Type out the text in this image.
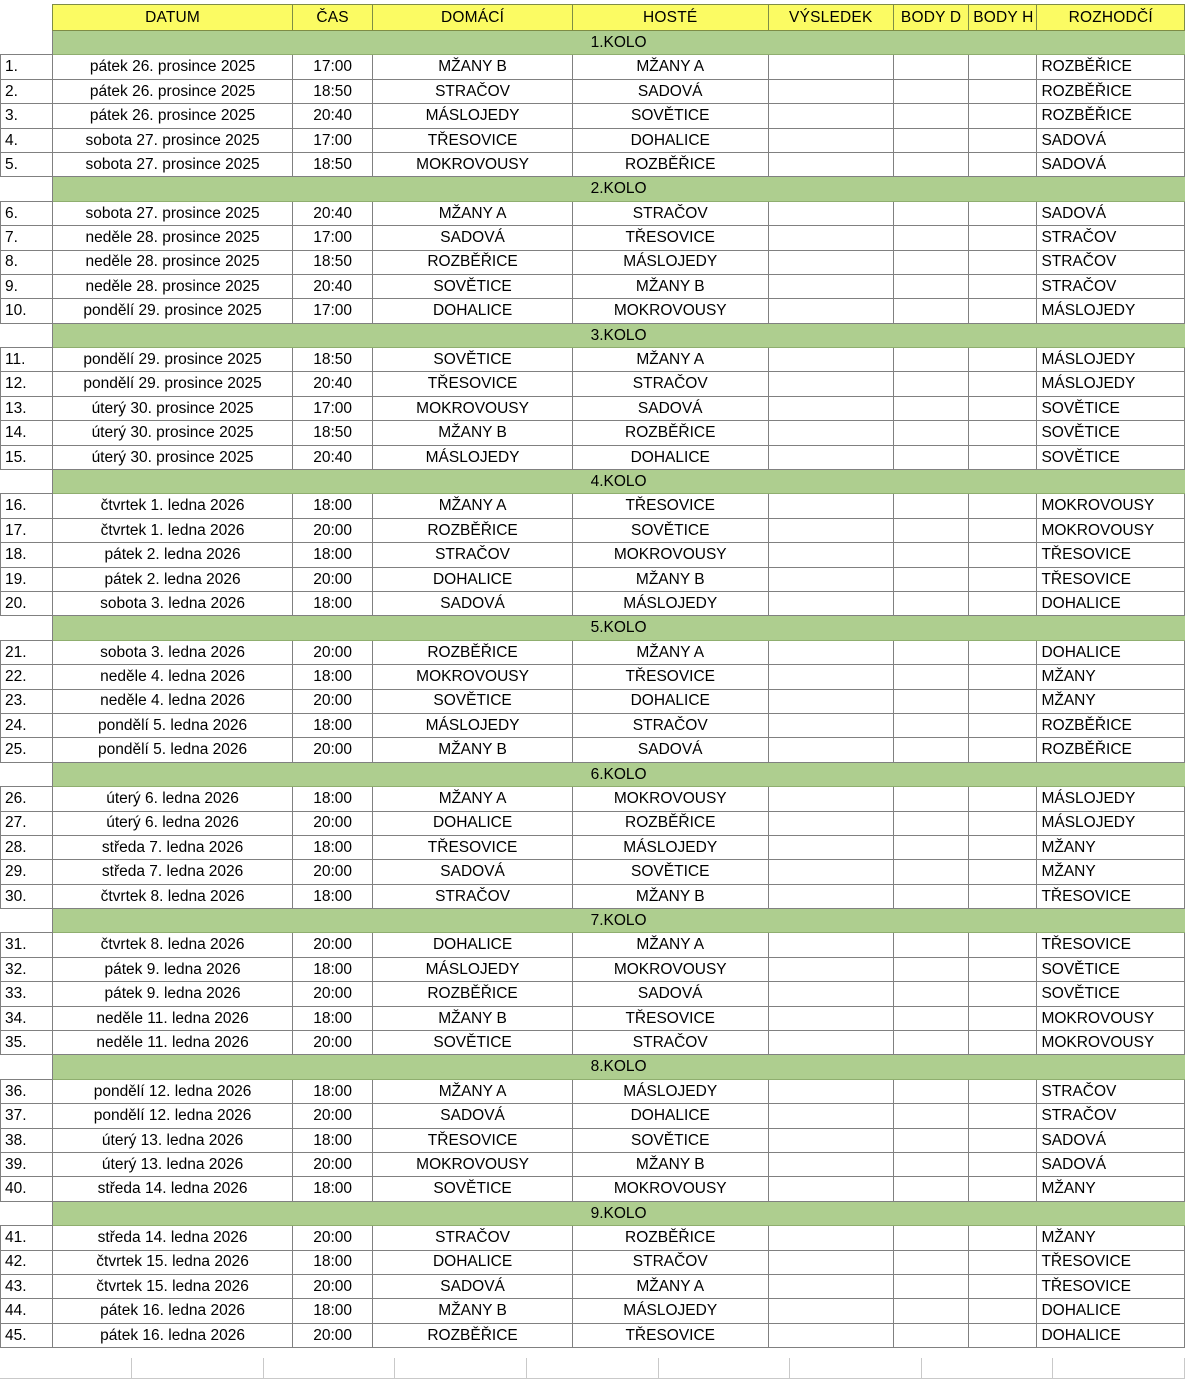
	DATUM	ČAS	DOMÁCÍ	HOSTÉ	VÝSLEDEK	BODY D	BODY H	ROZHODČÍ
	1.KOLO							
1.	pátek 26. prosince 2025	17:00	MŽANY B	MŽANY A				ROZBĚŘICE
2.	pátek 26. prosince 2025	18:50	STRAČOV	SADOVÁ				ROZBĚŘICE
3.	pátek 26. prosince 2025	20:40	MÁSLOJEDY	SOVĚTICE				ROZBĚŘICE
4.	sobota 27. prosince 2025	17:00	TŘESOVICE	DOHALICE				SADOVÁ
5.	sobota 27. prosince 2025	18:50	MOKROVOUSY	ROZBĚŘICE				SADOVÁ
	2.KOLO							
6.	sobota 27. prosince 2025	20:40	MŽANY A	STRAČOV				SADOVÁ
7.	neděle 28. prosince 2025	17:00	SADOVÁ	TŘESOVICE				STRAČOV
8.	neděle 28. prosince 2025	18:50	ROZBĚŘICE	MÁSLOJEDY				STRAČOV
9.	neděle 28. prosince 2025	20:40	SOVĚTICE	MŽANY B				STRAČOV
10.	pondělí 29. prosince 2025	17:00	DOHALICE	MOKROVOUSY				MÁSLOJEDY
	3.KOLO							
11.	pondělí 29. prosince 2025	18:50	SOVĚTICE	MŽANY A				MÁSLOJEDY
12.	pondělí 29. prosince 2025	20:40	TŘESOVICE	STRAČOV				MÁSLOJEDY
13.	úterý 30. prosince 2025	17:00	MOKROVOUSY	SADOVÁ				SOVĚTICE
14.	úterý 30. prosince 2025	18:50	MŽANY B	ROZBĚŘICE				SOVĚTICE
15.	úterý 30. prosince 2025	20:40	MÁSLOJEDY	DOHALICE				SOVĚTICE
	4.KOLO							
16.	čtvrtek 1. ledna 2026	18:00	MŽANY A	TŘESOVICE				MOKROVOUSY
17.	čtvrtek 1. ledna 2026	20:00	ROZBĚŘICE	SOVĚTICE				MOKROVOUSY
18.	pátek 2. ledna 2026	18:00	STRAČOV	MOKROVOUSY				TŘESOVICE
19.	pátek 2. ledna 2026	20:00	DOHALICE	MŽANY B				TŘESOVICE
20.	sobota 3. ledna 2026	18:00	SADOVÁ	MÁSLOJEDY				DOHALICE
	5.KOLO							
21.	sobota 3. ledna 2026	20:00	ROZBĚŘICE	MŽANY A				DOHALICE
22.	neděle 4. ledna 2026	18:00	MOKROVOUSY	TŘESOVICE				MŽANY
23.	neděle 4. ledna 2026	20:00	SOVĚTICE	DOHALICE				MŽANY
24.	pondělí 5. ledna 2026	18:00	MÁSLOJEDY	STRAČOV				ROZBĚŘICE
25.	pondělí 5. ledna 2026	20:00	MŽANY B	SADOVÁ				ROZBĚŘICE
	6.KOLO							
26.	úterý 6. ledna 2026	18:00	MŽANY A	MOKROVOUSY				MÁSLOJEDY
27.	úterý 6. ledna 2026	20:00	DOHALICE	ROZBĚŘICE				MÁSLOJEDY
28.	středa 7. ledna 2026	18:00	TŘESOVICE	MÁSLOJEDY				MŽANY
29.	středa 7. ledna 2026	20:00	SADOVÁ	SOVĚTICE				MŽANY
30.	čtvrtek 8. ledna 2026	18:00	STRAČOV	MŽANY B				TŘESOVICE
	7.KOLO							
31.	čtvrtek 8. ledna 2026	20:00	DOHALICE	MŽANY A				TŘESOVICE
32.	pátek 9. ledna 2026	18:00	MÁSLOJEDY	MOKROVOUSY				SOVĚTICE
33.	pátek 9. ledna 2026	20:00	ROZBĚŘICE	SADOVÁ				SOVĚTICE
34.	neděle 11. ledna 2026	18:00	MŽANY B	TŘESOVICE				MOKROVOUSY
35.	neděle 11. ledna 2026	20:00	SOVĚTICE	STRAČOV				MOKROVOUSY
	8.KOLO							
36.	pondělí 12. ledna 2026	18:00	MŽANY A	MÁSLOJEDY				STRAČOV
37.	pondělí 12. ledna 2026	20:00	SADOVÁ	DOHALICE				STRAČOV
38.	úterý 13. ledna 2026	18:00	TŘESOVICE	SOVĚTICE				SADOVÁ
39.	úterý 13. ledna 2026	20:00	MOKROVOUSY	MŽANY B				SADOVÁ
40.	středa 14. ledna 2026	18:00	SOVĚTICE	MOKROVOUSY				MŽANY
	9.KOLO							
41.	středa 14. ledna 2026	20:00	STRAČOV	ROZBĚŘICE				MŽANY
42.	čtvrtek 15. ledna 2026	18:00	DOHALICE	STRAČOV				TŘESOVICE
43.	čtvrtek 15. ledna 2026	20:00	SADOVÁ	MŽANY A				TŘESOVICE
44.	pátek 16. ledna 2026	18:00	MŽANY B	MÁSLOJEDY				DOHALICE
45.	pátek 16. ledna 2026	20:00	ROZBĚŘICE	TŘESOVICE				DOHALICE
